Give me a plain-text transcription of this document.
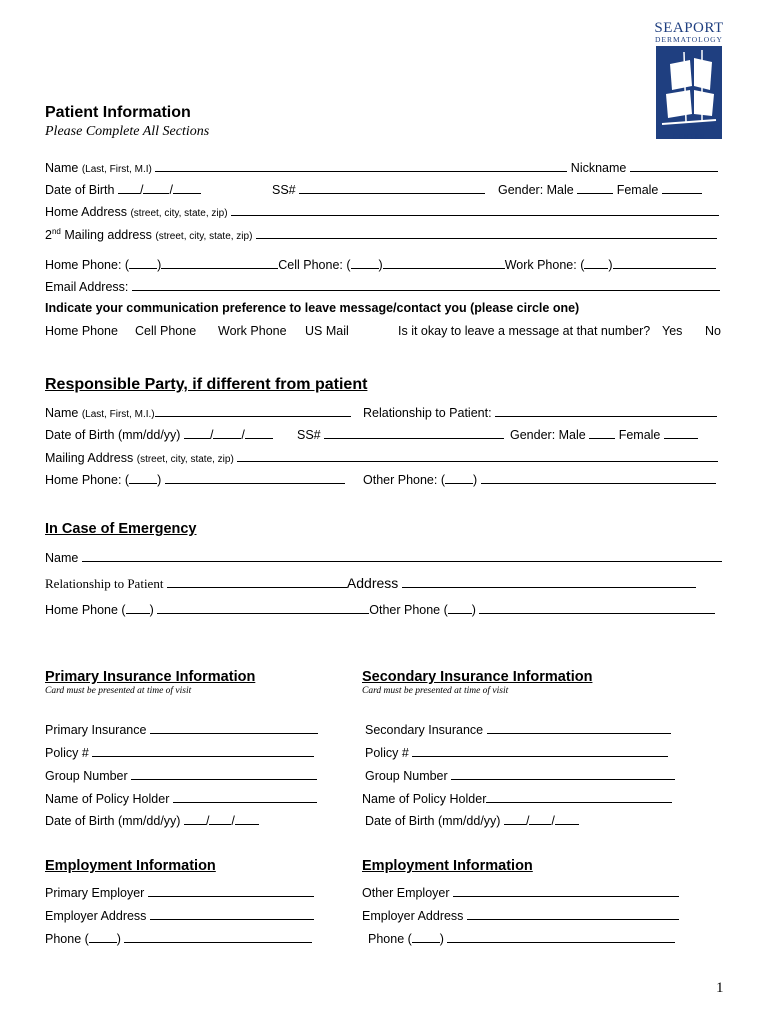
SEAPORT
DERMATOLOGY
MOHS SURGERY
CENTER
Patient Information
Please Complete All Sections
Name (Last, First, M.I)	Nickname
Date of Birth / /	SS#	Gender: Male	Female
Home Address (street, city, state, zip)
2nd Mailing address (street, city, state, zip)
Home Phone: ( )	Cell Phone: ( )	Work Phone: ( )
Email Address:
Indicate your communication preference to leave message/contact you (please circle one)
Home Phone Cell Phone Work Phone US Mail	Is it okay to leave a message at that number? Yes No
Responsible Party, if different from patient
Name (Last, First, M.I.)	Relationship to Patient:
Date of Birth (mm/dd/yy) / /	SS#	Gender: Male	Female
Mailing Address (street, city, state, zip)
Home Phone: ( )	Other Phone: ( )
In Case of Emergency
Name
Relationship to Patient	Address
Home Phone ( )	Other Phone ( )
Primary Insurance Information
Card must be presented at time of visit
Secondary Insurance Information
Card must be presented at time of visit
Primary Insurance	Secondary Insurance
Policy #	Policy #
Group Number	Group Number
Name of Policy Holder	Name of Policy Holder
Date of Birth (mm/dd/yy) / /	Date of Birth (mm/dd/yy) / /
Employment Information	Employment Information
Primary Employer	Other Employer
Employer Address	Employer Address
Phone ( )	Phone ( )
1
